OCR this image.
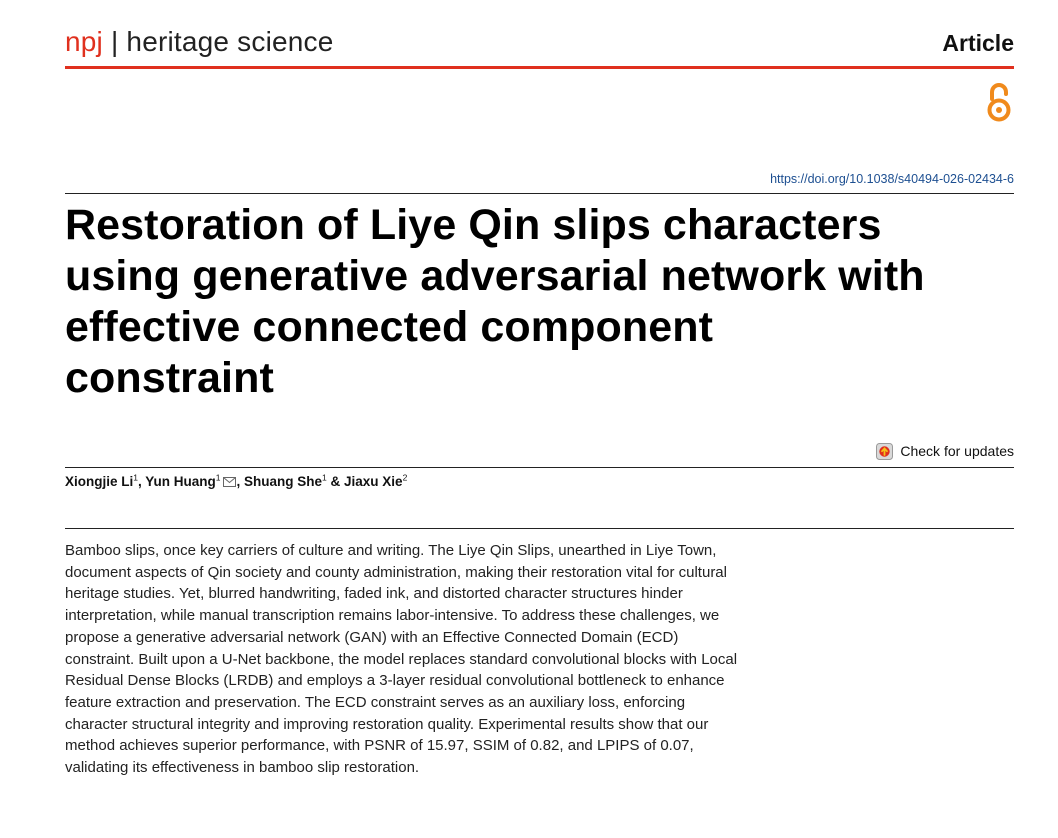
npj | heritage science	Article
https://doi.org/10.1038/s40494-026-02434-6
Restoration of Liye Qin slips characters
using generative adversarial network with
effective connected component
constraint
Check for updates
Xiongjie Li$^1$, Yun Huang$^1$ , Shuang She$^1$ & Jiaxu Xie$^2$
Bamboo slips, once key carriers of culture and writing. The Liye Qin Slips, unearthed in Liye Town,
document aspects of Qin society and county administration, making their restoration vital for cultural
heritage studies. Yet, blurred handwriting, faded ink, and distorted character structures hinder
interpretation, while manual transcription remains labor-intensive. To address these challenges, we
propose a generative adversarial network (GAN) with an Effective Connected Domain (ECD)
constraint. Built upon a U-Net backbone, the model replaces standard convolutional blocks with Local
Residual Dense Blocks (LRDB) and employs a 3-layer residual convolutional bottleneck to enhance
feature extraction and preservation. The ECD constraint serves as an auxiliary loss, enforcing
character structural integrity and improving restoration quality. Experimental results show that our
method achieves superior performance, with PSNR of 15.97, SSIM of 0.82, and LPIPS of 0.07,
validating its effectiveness in bamboo slip restoration.
